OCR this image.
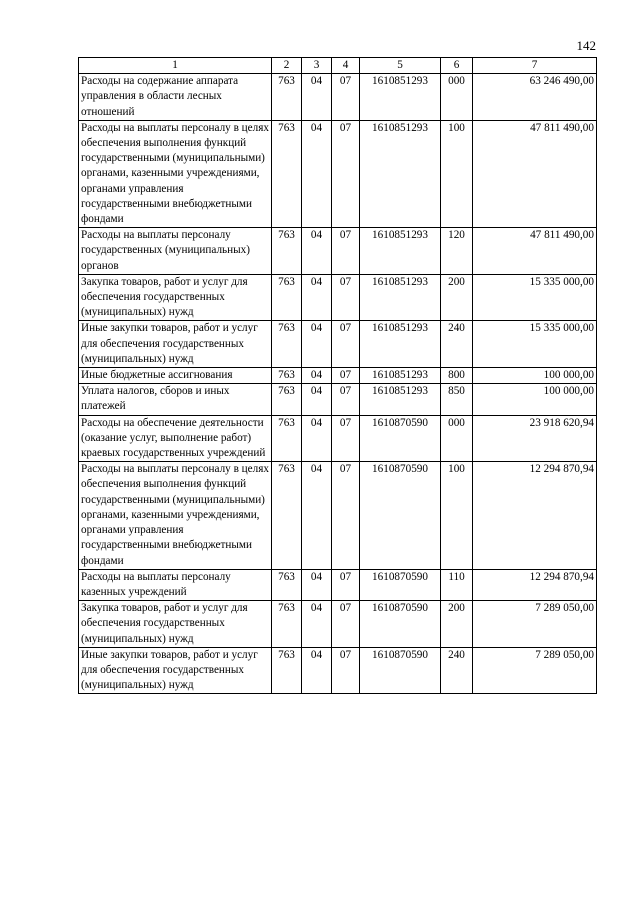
142
1	2	3	4	5	6	7
Расходы на содержание аппарата управления в области лесных отношений	763	04	07	1610851293	000	63 246 490,00
Расходы на выплаты персоналу в целях обеспечения выполнения функций государственными (муниципальными) органами, казенными учреждениями, органами управления государственными внебюджетными фондами	763	04	07	1610851293	100	47 811 490,00
Расходы на выплаты персоналу государственных (муниципальных) органов	763	04	07	1610851293	120	47 811 490,00
Закупка товаров, работ и услуг для обеспечения государственных (муниципальных) нужд	763	04	07	1610851293	200	15 335 000,00
Иные закупки товаров, работ и услуг для обеспечения государственных (муниципальных) нужд	763	04	07	1610851293	240	15 335 000,00
Иные бюджетные ассигнования	763	04	07	1610851293	800	100 000,00
Уплата налогов, сборов и иных платежей	763	04	07	1610851293	850	100 000,00
Расходы на обеспечение деятельности (оказание услуг, выполнение работ) краевых государственных учреждений	763	04	07	1610870590	000	23 918 620,94
Расходы на выплаты персоналу в целях обеспечения выполнения функций государственными (муниципальными) органами, казенными учреждениями, органами управления государственными внебюджетными фондами	763	04	07	1610870590	100	12 294 870,94
Расходы на выплаты персоналу казенных учреждений	763	04	07	1610870590	110	12 294 870,94
Закупка товаров, работ и услуг для обеспечения государственных (муниципальных) нужд	763	04	07	1610870590	200	7 289 050,00
Иные закупки товаров, работ и услуг для обеспечения государственных (муниципальных) нужд	763	04	07	1610870590	240	7 289 050,00
